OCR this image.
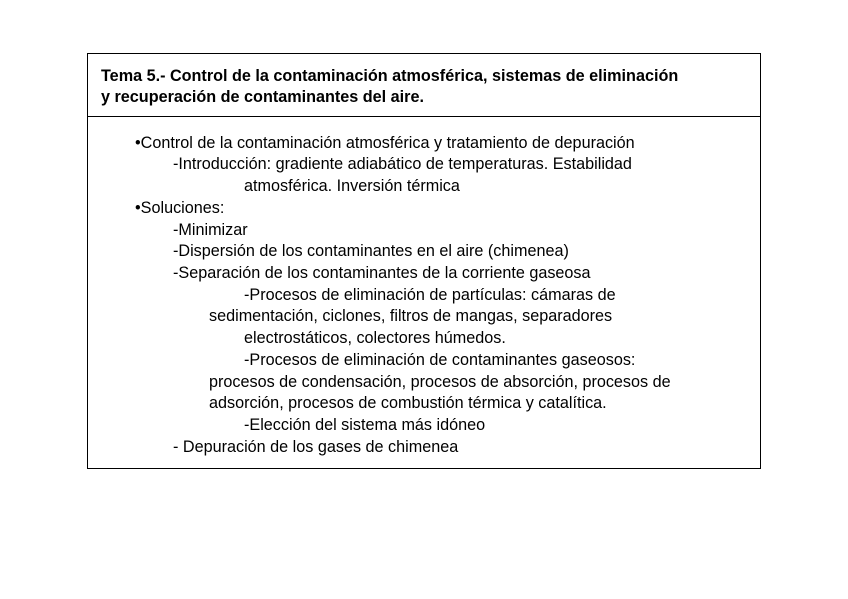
Tema 5.- Control de la contaminación atmosférica, sistemas de eliminación
y recuperación de contaminantes del aire.
•Control de la contaminación atmosférica y tratamiento de depuración
-Introducción: gradiente adiabático de temperaturas. Estabilidad
atmosférica. Inversión térmica
•Soluciones:
-Minimizar
-Dispersión de los contaminantes en el aire (chimenea)
-Separación de los contaminantes de la corriente gaseosa
-Procesos de eliminación de partículas: cámaras de
sedimentación, ciclones, filtros de mangas, separadores
electrostáticos, colectores húmedos.
-Procesos de eliminación de contaminantes gaseosos:
procesos de condensación, procesos de absorción, procesos de
adsorción, procesos de combustión térmica y catalítica.
-Elección del sistema más idóneo
- Depuración de los gases de chimenea
